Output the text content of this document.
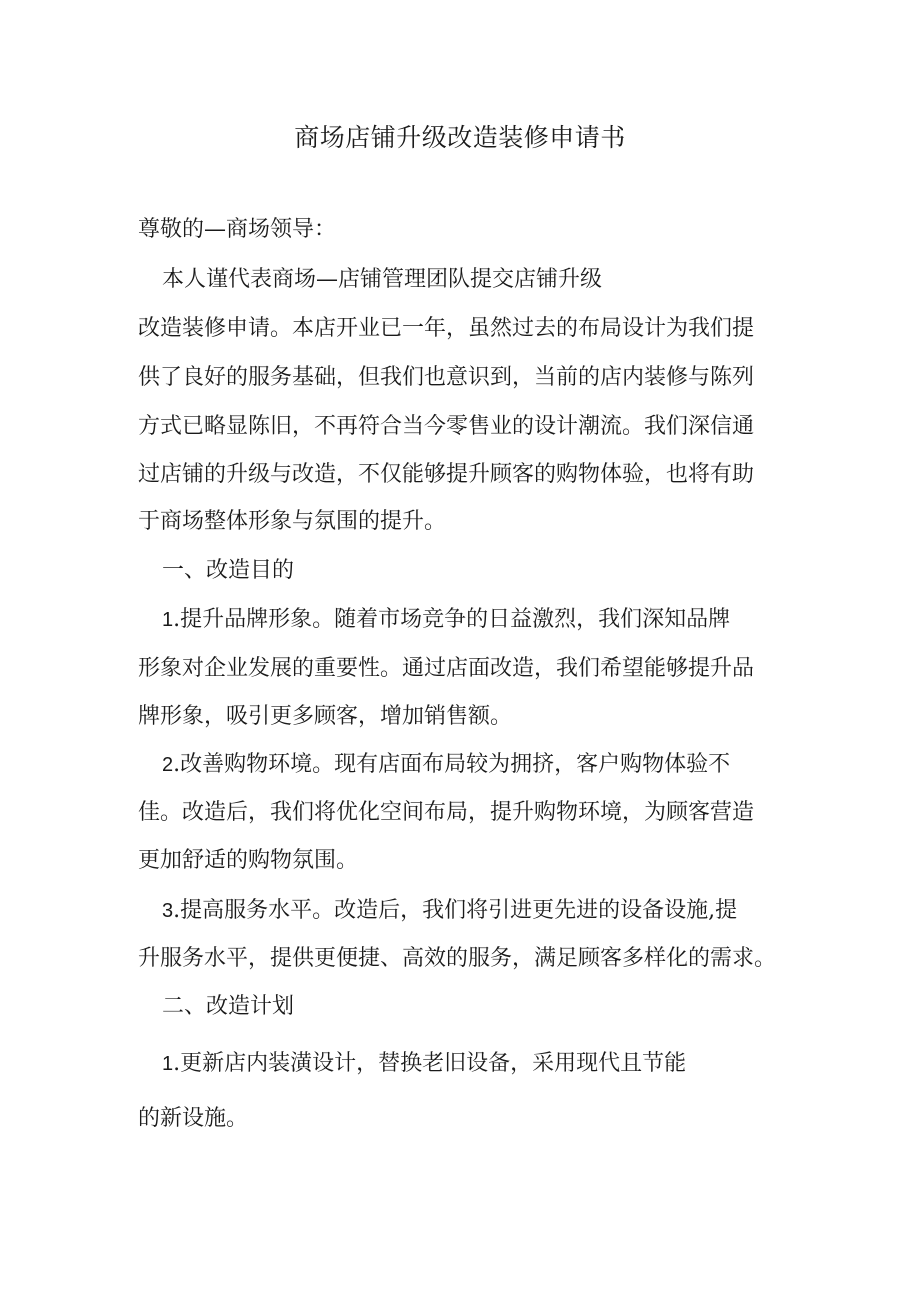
商场店铺升级改造装修申请书
尊敬的—商场领导：
本人谨代表商场—店铺管理团队提交店铺升级
改造装修申请。本店开业已一年，虽然过去的布局设计为我们提
供了良好的服务基础，但我们也意识到，当前的店内装修与陈列
方式已略显陈旧，不再符合当今零售业的设计潮流。我们深信通
过店铺的升级与改造，不仅能够提升顾客的购物体验，也将有助
于商场整体形象与氛围的提升。
一、改造目的
1.提升品牌形象。随着市场竞争的日益激烈，我们深知品牌
形象对企业发展的重要性。通过店面改造，我们希望能够提升品
牌形象，吸引更多顾客，增加销售额。
2.改善购物环境。现有店面布局较为拥挤，客户购物体验不
佳。改造后，我们将优化空间布局，提升购物环境，为顾客营造
更加舒适的购物氛围。
3.提高服务水平。改造后，我们将引进更先进的设备设施,提
升服务水平，提供更便捷、高效的服务，满足顾客多样化的需求。
二、改造计划
1.更新店内装潢设计，替换老旧设备，采用现代且节能
的新设施。
